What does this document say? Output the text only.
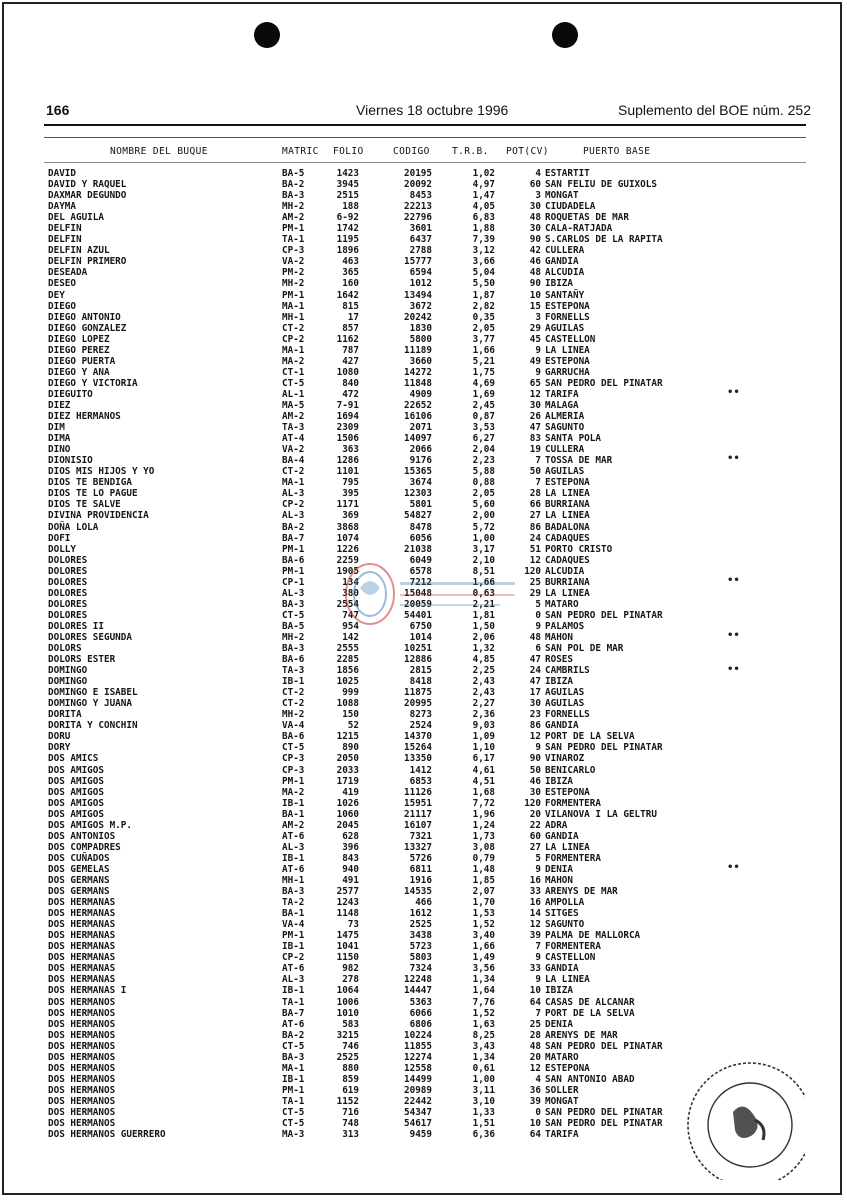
166	Viernes 18 octubre 1996	Suplemento del BOE núm. 252
NOMBRE DEL BUQUE	MATRIC FOLIO	CODIGO T.R.B. POT(CV)	PUERTO BASE
DAVID	BA-5	1423	20195	1,02	4 ESTARTIT
DAVID Y RAQUEL	BA-2	3945	20092	4,97	60 SAN FELIU DE GUIXOLS
DAXMAR DEGUNDO	BA-3	2515	8453	1,47	3 MONGAT
DAYMA	MH-2	188	22213	4,05	30 CIUDADELA
DEL AGUILA	AM-2	6-92	22796	6,83	48 ROQUETAS DE MAR
DELFIN	PM-1	1742	3601	1,88	30 CALA-RATJADA
DELFIN	TA-1	1195	6437	7,39	90 S.CARLOS DE LA RAPITA
DELFIN AZUL	CP-3	1896	2788	3,12	42 CULLERA
DELFIN PRIMERO	VA-2	463	15777	3,66	46 GANDIA
DESEADA	PM-2	365	6594	5,04	48 ALCUDIA
DESEO	MH-2	160	1012	5,50	90 IBIZA
DEY	PM-1	1642	13494	1,87	10 SANTAÑY
DIEGO	MA-1	815	3672	2,82	15 ESTEPONA
DIEGO ANTONIO	MH-1	17	20242	0,35	3 FORNELLS
DIEGO GONZALEZ	CT-2	857	1830	2,05	29 AGUILAS
DIEGO LOPEZ	CP-2	1162	5800	3,77	45 CASTELLON
DIEGO PEREZ	MA-1	787	11189	1,66	9 LA LINEA
DIEGO PUERTA	MA-2	427	3660	5,21	49 ESTEPONA
DIEGO Y ANA	CT-1	1080	14272	1,75	9 GARRUCHA
DIEGO Y VICTORIA	CT-5	840	11848	4,69	65 SAN PEDRO DEL PINATAR
DIEGUITO	AL-1	472	4909	1,69	12 TARIFA
DIEZ	MA-5	7-91	22652	2,45	30 MALAGA
DIEZ HERMANOS	AM-2	1694	16106	0,87	26 ALMERIA
DIM	TA-3	2309	2071	3,53	47 SAGUNTO
DIMA	AT-4	1506	14097	6,27	83 SANTA POLA
DINO	VA-2	363	2066	2,04	19 CULLERA
DIONISIO	BA-4	1286	9176	2,23	7 TOSSA DE MAR
DIOS MIS HIJOS Y YO	CT-2	1101	15365	5,88	50 AGUILAS
DIOS TE BENDIGA	MA-1	795	3674	0,88	7 ESTEPONA
DIOS TE LO PAGUE	AL-3	395	12303	2,05	28 LA LINEA
DIOS TE SALVE	CP-2	1171	5801	5,60	66 BURRIANA
DIVINA PROVIDENCIA	AL-3	369	54827	2,00	27 LA LINEA
DOÑA LOLA	BA-2	3868	8478	5,72	86 BADALONA
DOFI	BA-7	1074	6056	1,00	24 CADAQUES
DOLLY	PM-1	1226	21038	3,17	51 PORTO CRISTO
DOLORES	BA-6	2259	6049	2,10	12 CADAQUES
DOLORES	PM-1	1905	6578	8,51	120 ALCUDIA
DOLORES	CP-1	134	7212	1,66	25 BURRIANA
DOLORES	AL-3	380	15048	0,63	29 LA LINEA
DOLORES	BA-3	2554	20059	2,21	5 MATARO
DOLORES	CT-5	747	54401	1,81	0 SAN PEDRO DEL PINATAR
DOLORES II	BA-5	954	6750	1,50	9 PALAMOS
DOLORES SEGUNDA	MH-2	142	1014	2,06	48 MAHON
DOLORS	BA-3	2555	10251	1,32	6 SAN POL DE MAR
DOLORS ESTER	BA-6	2285	12886	4,85	47 ROSES
DOMINGO	TA-3	1856	2815	2,25	24 CAMBRILS
DOMINGO	IB-1	1025	8418	2,43	47 IBIZA
DOMINGO E ISABEL	CT-2	999	11875	2,43	17 AGUILAS
DOMINGO Y JUANA	CT-2	1088	20995	2,27	30 AGUILAS
DORITA	MH-2	150	8273	2,36	23 FORNELLS
DORITA Y CONCHIN	VA-4	52	2524	9,03	86 GANDIA
DORU	BA-6	1215	14370	1,09	12 PORT DE LA SELVA
DORY	CT-5	890	15264	1,10	9 SAN PEDRO DEL PINATAR
DOS AMICS	CP-3	2050	13350	6,17	90 VINAROZ
DOS AMIGOS	CP-3	2033	1412	4,61	50 BENICARLO
DOS AMIGOS	PM-1	1719	6853	4,51	46 IBIZA
DOS AMIGOS	MA-2	419	11126	1,68	30 ESTEPONA
DOS AMIGOS	IB-1	1026	15951	7,72	120 FORMENTERA
DOS AMIGOS	BA-1	1060	21117	1,96	20 VILANOVA I LA GELTRU
DOS AMIGOS M.P.	AM-2	2045	16107	1,24	22 ADRA
DOS ANTONIOS	AT-6	628	7321	1,73	60 GANDIA
DOS COMPADRES	AL-3	396	13327	3,08	27 LA LINEA
DOS CUÑADOS	IB-1	843	5726	0,79	5 FORMENTERA
DOS GEMELAS	AT-6	940	6811	1,48	9 DENIA
DOS GERMANS	MH-1	491	1916	1,85	16 MAHON
DOS GERMANS	BA-3	2577	14535	2,07	33 ARENYS DE MAR
DOS HERMANAS	TA-2	1243	466	1,70	16 AMPOLLA
DOS HERMANAS	BA-1	1148	1612	1,53	14 SITGES
DOS HERMANAS	VA-4	73	2525	1,52	12 SAGUNTO
DOS HERMANAS	PM-1	1475	3438	3,40	39 PALMA DE MALLORCA
DOS HERMANAS	IB-1	1041	5723	1,66	7 FORMENTERA
DOS HERMANAS	CP-2	1150	5803	1,49	9 CASTELLON
DOS HERMANAS	AT-6	982	7324	3,56	33 GANDIA
DOS HERMANAS	AL-3	278	12248	1,34	9 LA LINEA
DOS HERMANAS I	IB-1	1064	14447	1,64	10 IBIZA
DOS HERMANOS	TA-1	1006	5363	7,76	64 CASAS DE ALCANAR
DOS HERMANOS	BA-7	1010	6066	1,52	7 PORT DE LA SELVA
DOS HERMANOS	AT-6	583	6806	1,63	25 DENIA
DOS HERMANOS	BA-2	3215	10224	8,25	28 ARENYS DE MAR
DOS HERMANOS	CT-5	746	11855	3,43	48 SAN PEDRO DEL PINATAR
DOS HERMANOS	BA-3	2525	12274	1,34	20 MATARO
DOS HERMANOS	MA-1	880	12558	0,61	12 ESTEPONA
DOS HERMANOS	IB-1	859	14499	1,00	4 SAN ANTONIO ABAD
DOS HERMANOS	PM-1	619	20989	3,11	36 SOLLER
DOS HERMANOS	TA-1	1152	22442	3,10	39 MONGAT
DOS HERMANOS	CT-5	716	54347	1,33	0 SAN PEDRO DEL PINATAR
DOS HERMANOS	CT-5	748	54617	1,51	10 SAN PEDRO DEL PINATAR
DOS HERMANOS GUERRERO	MA-3	313	9459	6,36	64 TARIFA
••
••
••
••
••
••
